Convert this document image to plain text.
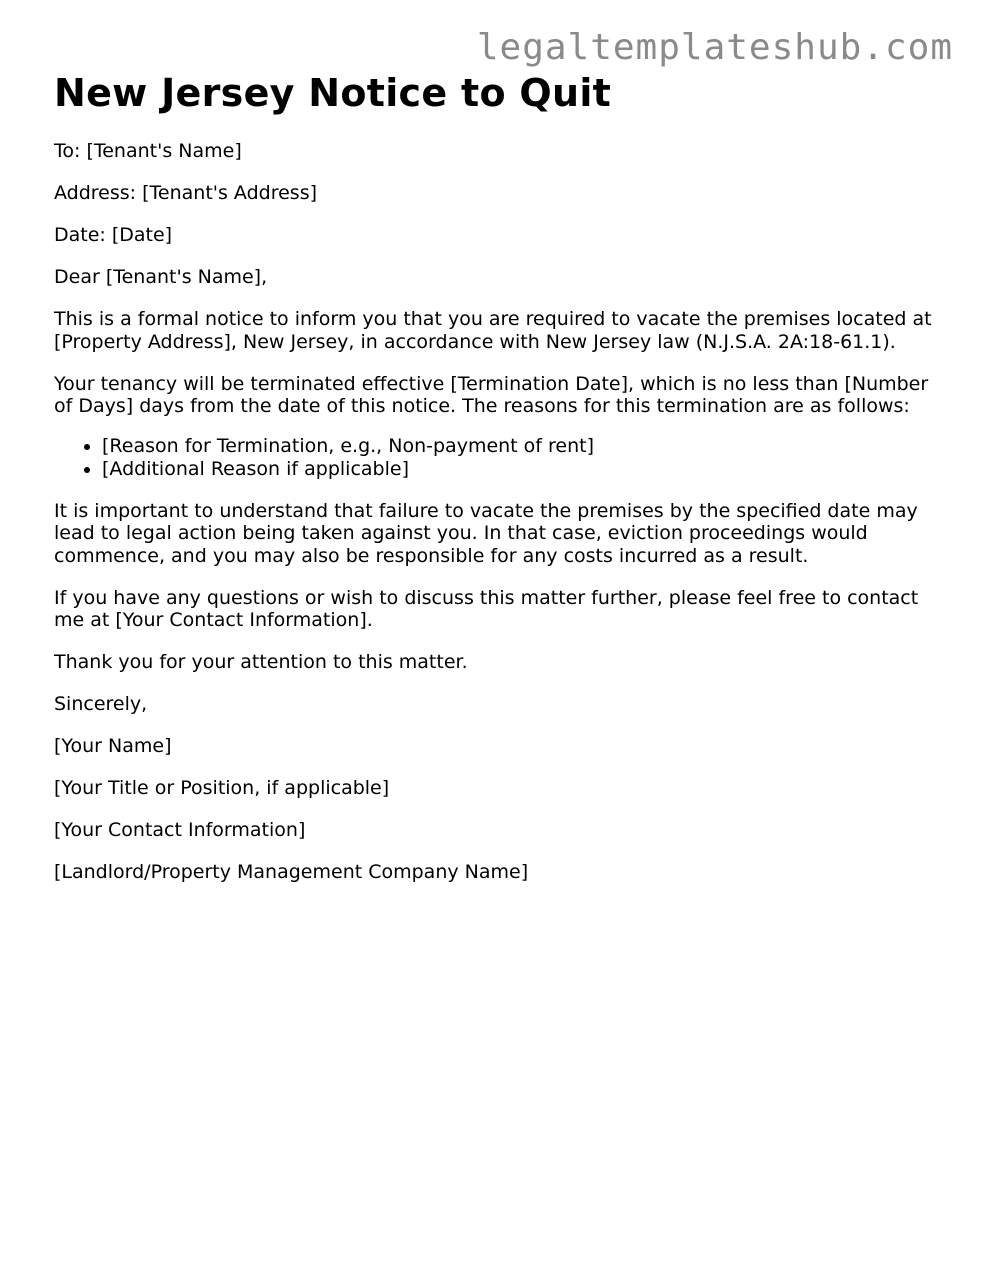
legaltemplateshub.com
New Jersey Notice to Quit

To: [Tenant's Name]

Address: [Tenant's Address]

Date: [Date]

Dear [Tenant's Name],

This is a formal notice to inform you that you are required to vacate the premises located at [Property Address], New Jersey, in accordance with New Jersey law (N.J.S.A. 2A:18-61.1).

Your tenancy will be terminated effective [Termination Date], which is no less than [Number of Days] days from the date of this notice. The reasons for this termination are as follows:

• [Reason for Termination, e.g., Non-payment of rent]
• [Additional Reason if applicable]

It is important to understand that failure to vacate the premises by the specified date may lead to legal action being taken against you. In that case, eviction proceedings would commence, and you may also be responsible for any costs incurred as a result.

If you have any questions or wish to discuss this matter further, please feel free to contact me at [Your Contact Information].

Thank you for your attention to this matter.

Sincerely,

[Your Name]

[Your Title or Position, if applicable]

[Your Contact Information]

[Landlord/Property Management Company Name]
